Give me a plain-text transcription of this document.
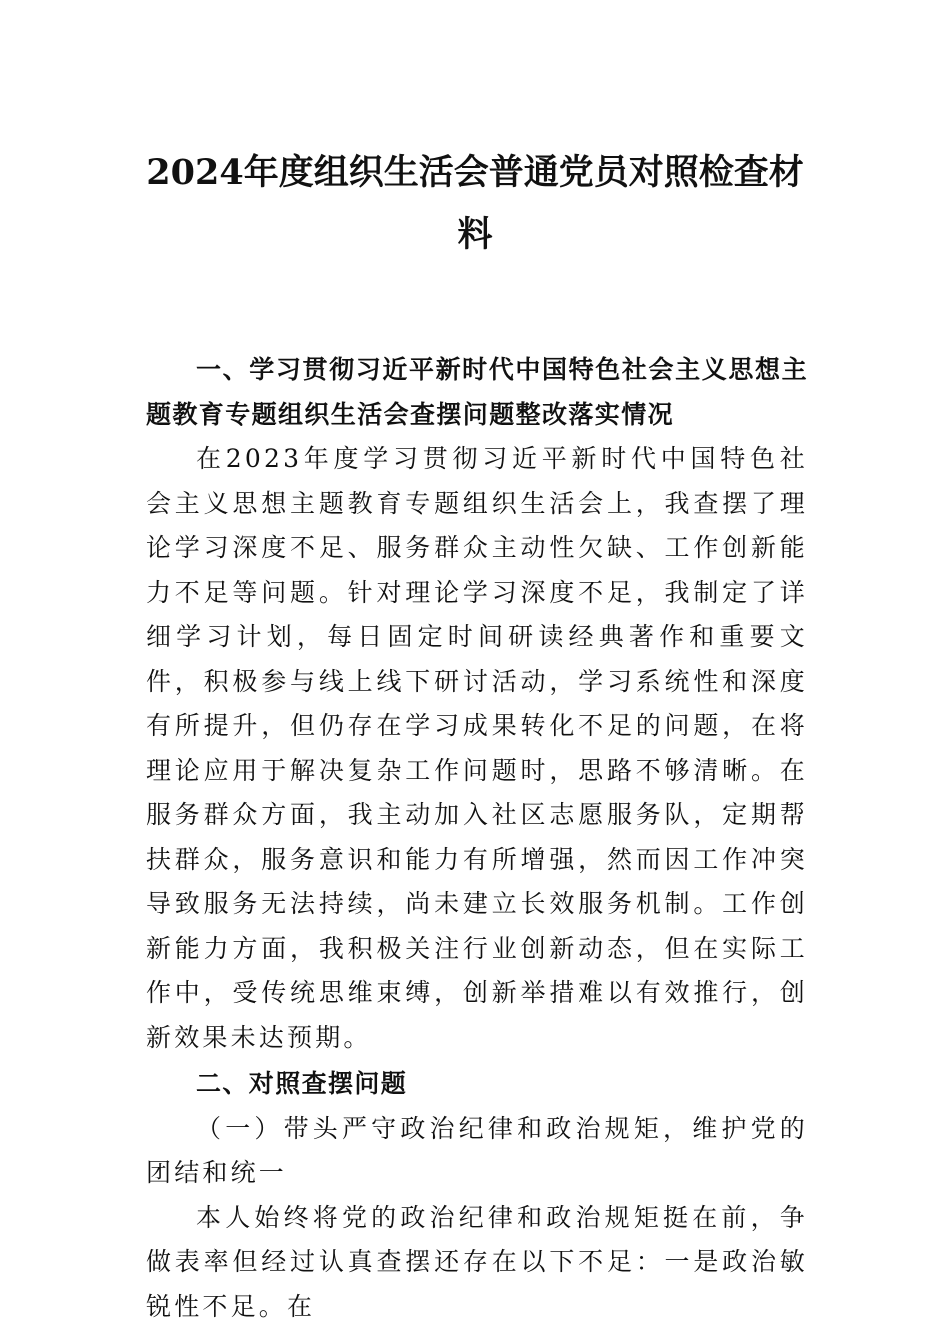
2024年度组织生活会普通党员对照检查材料

一、学习贯彻习近平新时代中国特色社会主义思想主题教育专题组织生活会查摆问题整改落实情况

在2023年度学习贯彻习近平新时代中国特色社会主义思想主题教育专题组织生活会上，我查摆了理论学习深度不足、服务群众主动性欠缺、工作创新能力不足等问题。针对理论学习深度不足，我制定了详细学习计划，每日固定时间研读经典著作和重要文件，积极参与线上线下研讨活动，学习系统性和深度有所提升，但仍存在学习成果转化不足的问题，在将理论应用于解决复杂工作问题时，思路不够清晰。在服务群众方面，我主动加入社区志愿服务队，定期帮扶群众，服务意识和能力有所增强，然而因工作冲突导致服务无法持续，尚未建立长效服务机制。工作创新能力方面，我积极关注行业创新动态，但在实际工作中，受传统思维束缚，创新举措难以有效推行，创新效果未达预期。

二、对照查摆问题

（一）带头严守政治纪律和政治规矩，维护党的团结和统一

本人始终将党的政治纪律和政治规矩挺在前，争做表率但经过认真查摆还存在以下不足：一是政治敏锐性不足。在
